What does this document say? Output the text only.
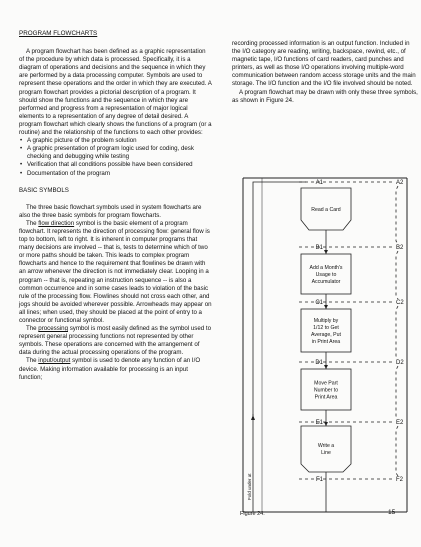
PROGRAM FLOWCHARTS

A program flowchart has been defined as a graphic representation of the procedure by which data is processed. Specifically, it is a diagram of operations and decisions and the sequence in which they are performed by a data processing computer. Symbols are used to represent these operations and the order in which they are executed. A program flowchart provides a pictorial description of a program. It should show the functions and the sequence in which they are performed and progress from a representation of major logical elements to a representation of any degree of detail desired. A program flowchart which clearly shows the functions of a program (or a routine) and the relationship of the functions to each other provides:

• A graphic picture of the problem solution

• A graphic presentation of program logic used for coding, desk checking and debugging while testing

• Verification that all conditions possible have been considered

• Documentation of the program

BASIC SYMBOLS

The three basic flowchart symbols used in system flowcharts are also the three basic symbols for program flowcharts.

The flow direction symbol is the basic element of a program flowchart. It represents the direction of processing flow: general flow is top to bottom, left to right. It is inherent in computer programs that many decisions are involved -- that is, tests to determine which of two or more paths should be taken. This leads to complex program flowcharts and hence to the requirement that flowlines be drawn with an arrow whenever the direction is not immediately clear. Looping in a program -- that is, repeating an instruction sequence -- is also a common occurrence and in some cases leads to violation of the basic rule of the processing flow. Flowlines should not cross each other, and jogs should be avoided wherever possible. Arrowheads may appear on all lines; when used, they should be placed at the point of entry to a connector or functional symbol.

The processing symbol is most easily defined as the symbol used to represent general processing functions not represented by other symbols. These operations are concerned with the arrangement of data during the actual processing operations of the program.

The input/output symbol is used to denote any function of an I/O device. Making information available for processing is an input function;

recording processed information is an output function. Included in the I/O category are reading, writing, backspace, rewind, etc., of magnetic tape, I/O functions of card readers, card punches and printers, as well as those I/O operations involving multiple-word communication between random access storage units and the main storage. The I/O function and the I/O file involved should be noted.

A program flowchart may be drawn with only these three symbols, as shown in Figure 24.

A1	A2
B1	B2
C1	C2
D1	D2
E1	E2
F1	F2
Read a Card
Add a Month's
Usage to
Accumulator
Multiply by
1/12 to Get
Average, Put
in Print Area
Move Part
Number to
Print Area
Write a
Line
Fold under at
Figure 24.	15
